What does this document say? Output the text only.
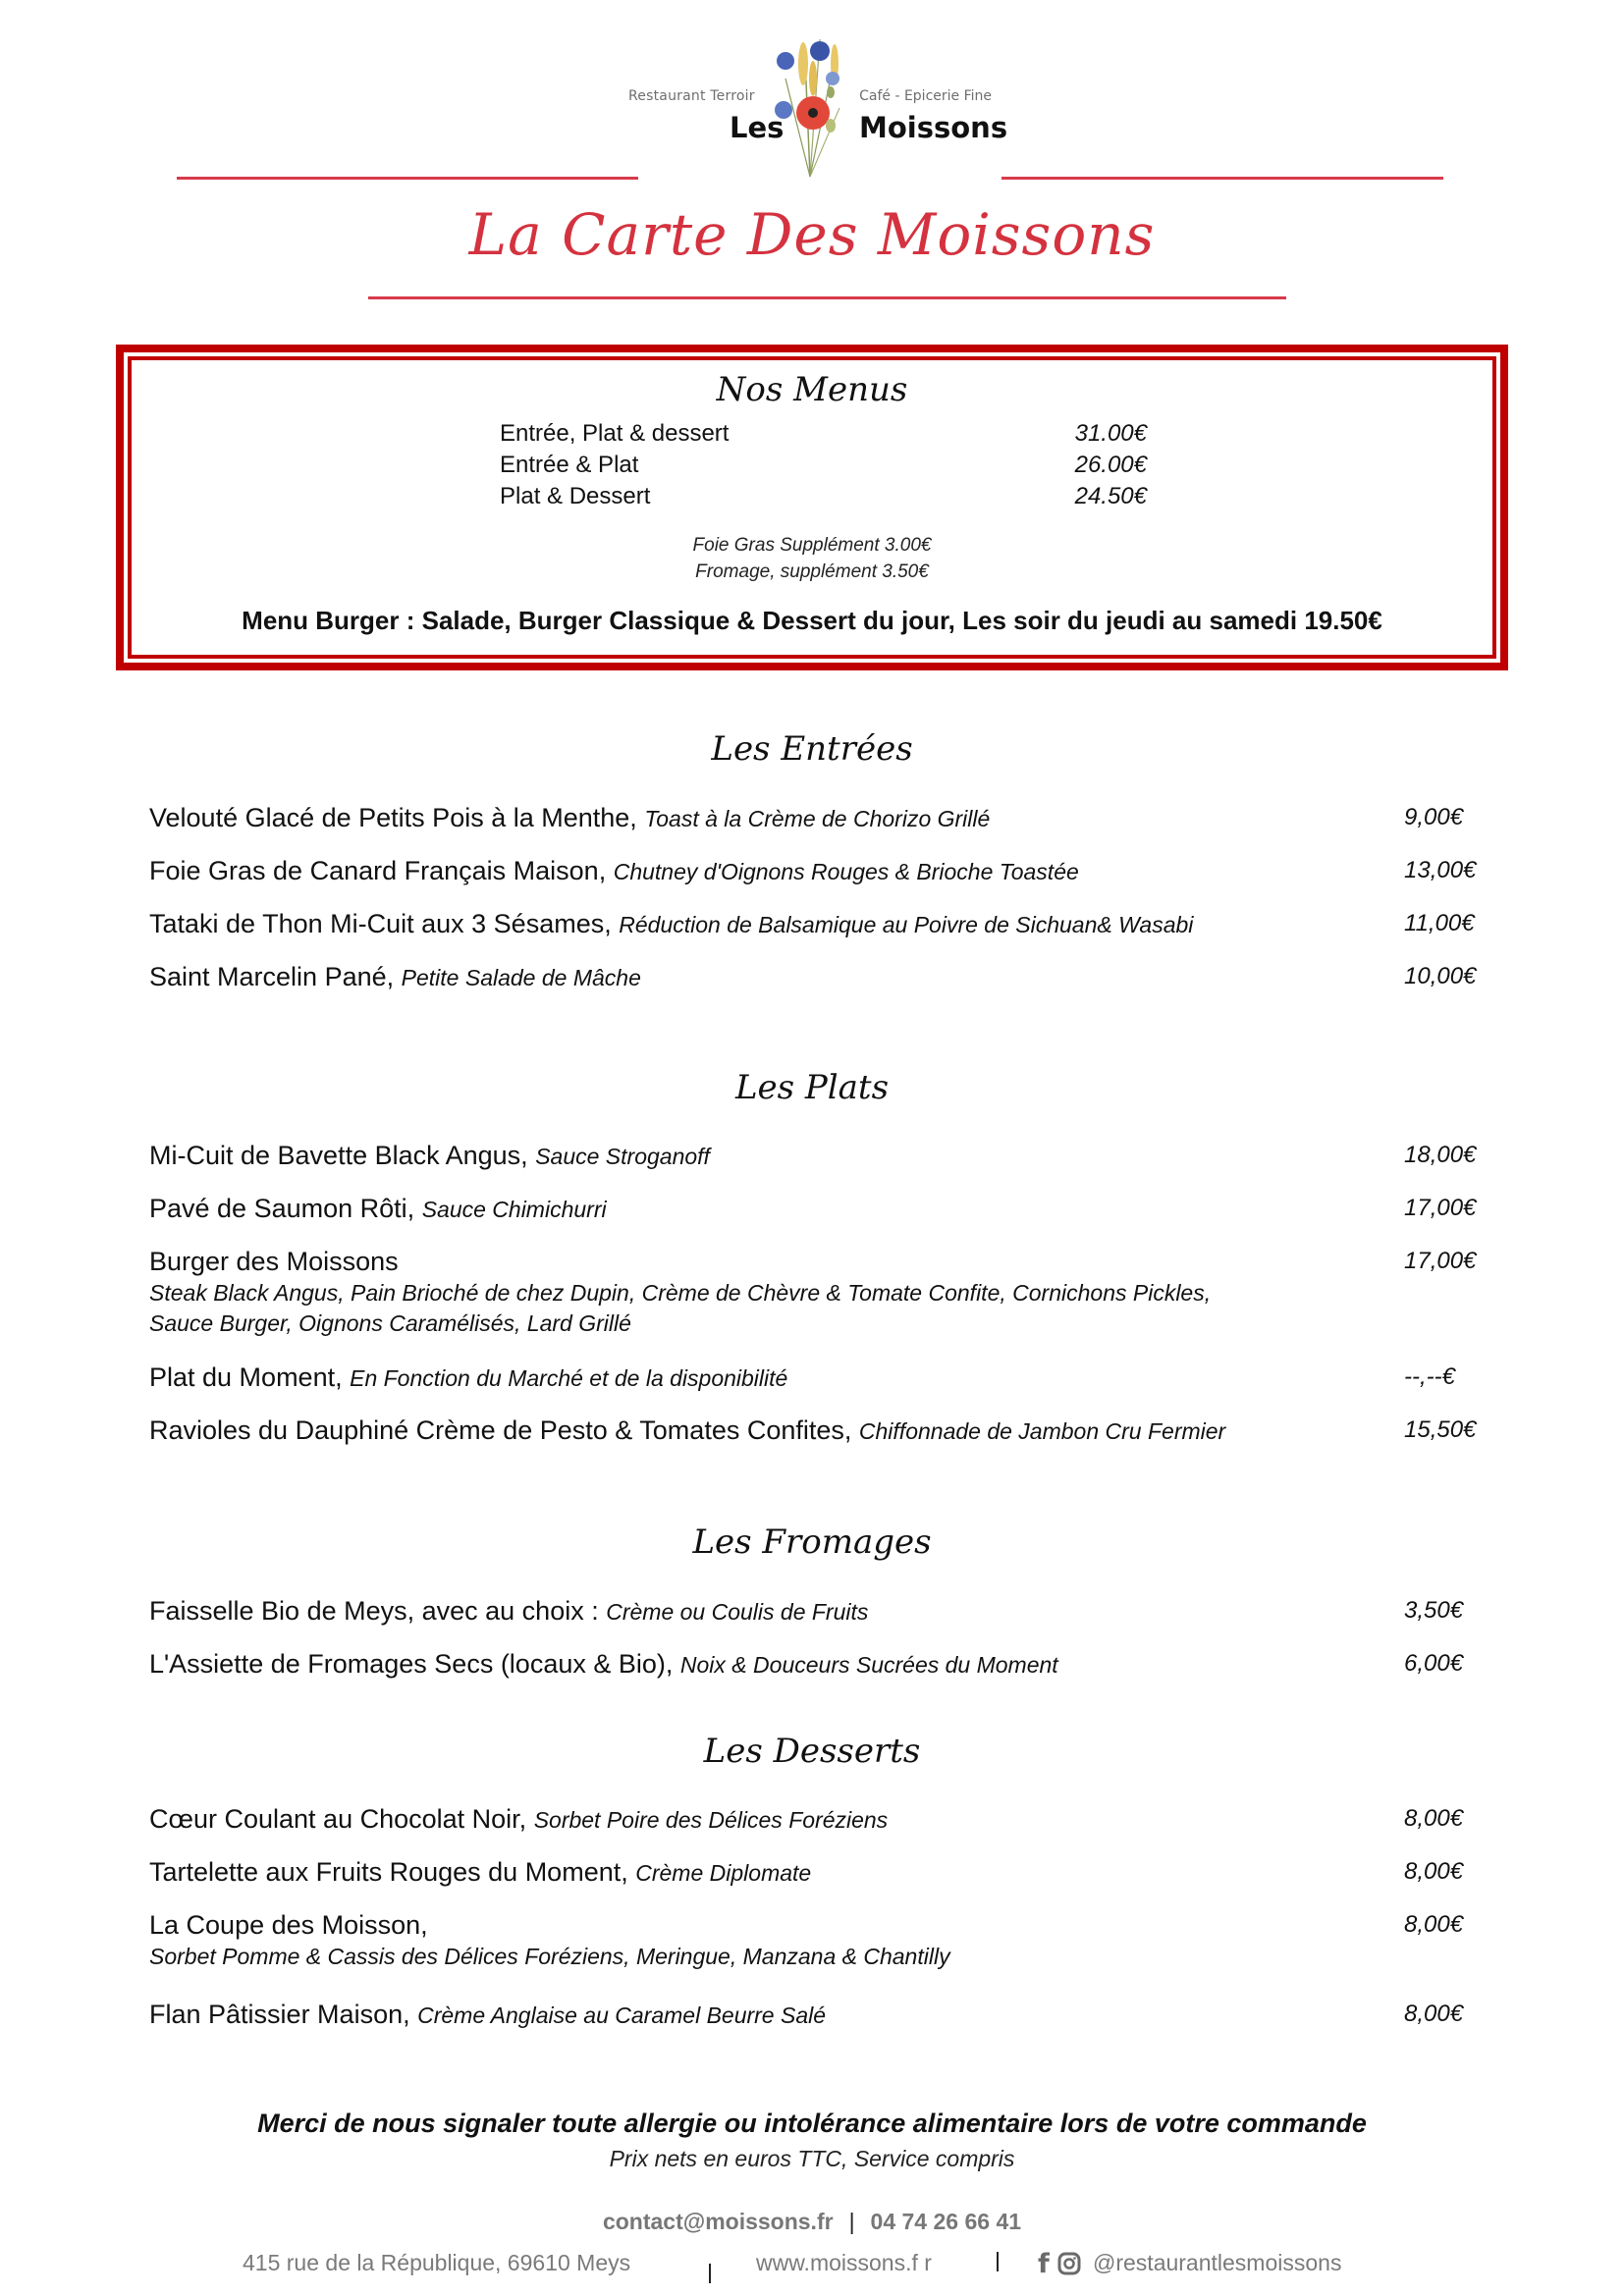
Restaurant Terroir	Café - Epicerie Fine
Les	Moissons
La Carte Des Moissons
Nos Menus
Entrée, Plat & dessert	31.00€
Entrée & Plat	26.00€
Plat & Dessert	24.50€
Foie Gras Supplément 3.00€
Fromage, supplément 3.50€
Menu Burger : Salade, Burger Classique & Dessert du jour, Les soir du jeudi au samedi 19.50€
Les Entrées
Velouté Glacé de Petits Pois à la Menthe, Toast à la Crème de Chorizo Grillé	9,00€
Foie Gras de Canard Français Maison, Chutney d'Oignons Rouges & Brioche Toastée	13,00€
Tataki de Thon Mi-Cuit aux 3 Sésames, Réduction de Balsamique au Poivre de Sichuan& Wasabi	11,00€
Saint Marcelin Pané, Petite Salade de Mâche	10,00€
Les Plats
Mi-Cuit de Bavette Black Angus, Sauce Stroganoff	18,00€
Pavé de Saumon Rôti, Sauce Chimichurri	17,00€
Burger des Moissons	17,00€
Steak Black Angus, Pain Brioché de chez Dupin, Crème de Chèvre & Tomate Confite, Cornichons Pickles,
Sauce Burger, Oignons Caramélisés, Lard Grillé
Plat du Moment, En Fonction du Marché et de la disponibilité	--,--€
Ravioles du Dauphiné Crème de Pesto & Tomates Confites, Chiffonnade de Jambon Cru Fermier	15,50€
Les Fromages
Faisselle Bio de Meys, avec au choix : Crème ou Coulis de Fruits	3,50€
L'Assiette de Fromages Secs (locaux & Bio), Noix & Douceurs Sucrées du Moment	6,00€
Les Desserts
Cœur Coulant au Chocolat Noir, Sorbet Poire des Délices Foréziens	8,00€
Tartelette aux Fruits Rouges du Moment, Crème Diplomate	8,00€
La Coupe des Moisson,	8,00€
Sorbet Pomme & Cassis des Délices Foréziens, Meringue, Manzana & Chantilly
Flan Pâtissier Maison, Crème Anglaise au Caramel Beurre Salé	8,00€
Merci de nous signaler toute allergie ou intolérance alimentaire lors de votre commande
Prix nets en euros TTC, Service compris
contact@moissons.fr | 04 74 26 66 41
415 rue de la République, 69610 Meys	www.moissons.f r	f @restaurantlesmoissons
